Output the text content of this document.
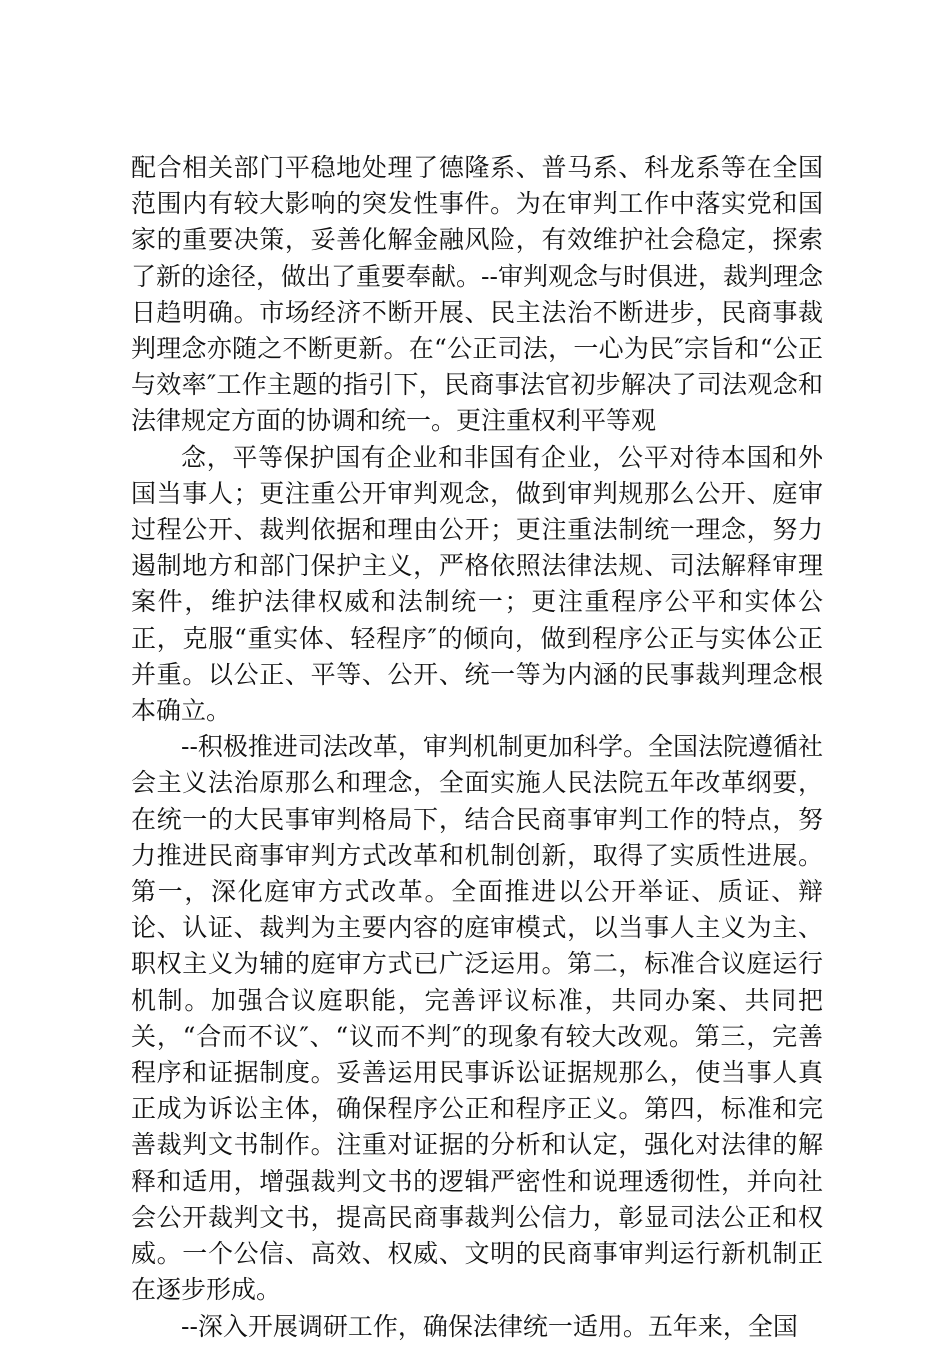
配合相关部门平稳地处理了德隆系、普马系、科龙系等在全国范围内有较大影响的突发性事件。为在审判工作中落实党和国家的重要决策，妥善化解金融风险，有效维护社会稳定，探索了新的途径，做出了重要奉献。--审判观念与时俱进，裁判理念日趋明确。市场经济不断开展、民主法治不断进步，民商事裁判理念亦随之不断更新。在“公正司法，一心为民″宗旨和“公正与效率″工作主题的指引下，民商事法官初步解决了司法观念和法律规定方面的协调和统一。更注重权利平等观

念，平等保护国有企业和非国有企业，公平对待本国和外国当事人；更注重公开审判观念，做到审判规那么公开、庭审过程公开、裁判依据和理由公开；更注重法制统一理念，努力遏制地方和部门保护主义，严格依照法律法规、司法解释审理案件，维护法律权威和法制统一；更注重程序公平和实体公正，克服“重实体、轻程序″的倾向，做到程序公正与实体公正并重。以公正、平等、公开、统一等为内涵的民事裁判理念根本确立。

--积极推进司法改革，审判机制更加科学。全国法院遵循社会主义法治原那么和理念，全面实施人民法院五年改革纲要，在统一的大民事审判格局下，结合民商事审判工作的特点，努力推进民商事审判方式改革和机制创新，取得了实质性进展。第一，深化庭审方式改革。全面推进以公开举证、质证、辩论、认证、裁判为主要内容的庭审模式，以当事人主义为主、职权主义为辅的庭审方式已广泛运用。第二，标准合议庭运行机制。加强合议庭职能，完善评议标准，共同办案、共同把关，“合而不议″、“议而不判″的现象有较大改观。第三，完善程序和证据制度。妥善运用民事诉讼证据规那么，使当事人真正成为诉讼主体，确保程序公正和程序正义。第四，标准和完善裁判文书制作。注重对证据的分析和认定，强化对法律的解释和适用，增强裁判文书的逻辑严密性和说理透彻性，并向社会公开裁判文书，提高民商事裁判公信力，彰显司法公正和权威。一个公信、高效、权威、文明的民商事审判运行新机制正在逐步形成。

--深入开展调研工作，确保法律统一适用。五年来，全国
